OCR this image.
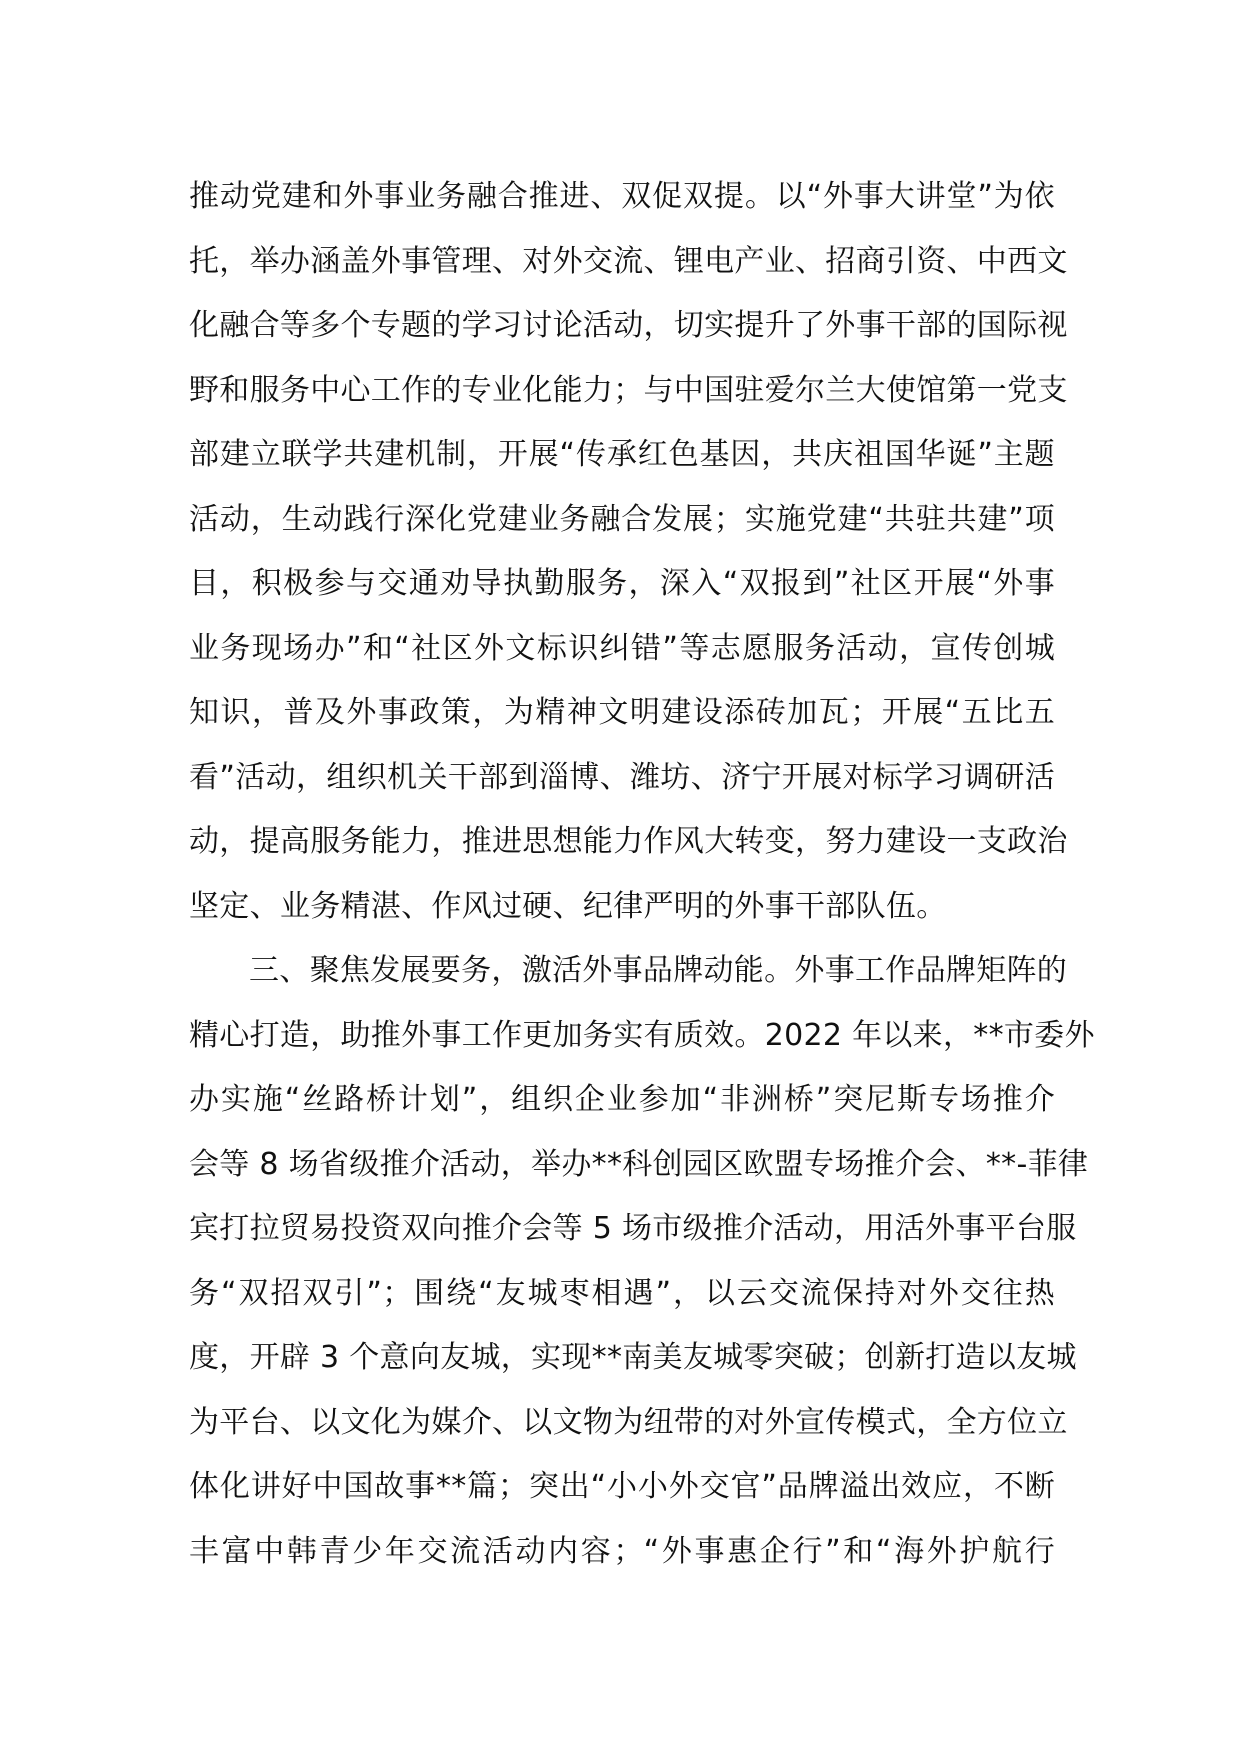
推动党建和外事业务融合推进、双促双提。以“外事大讲堂”为依
托，举办涵盖外事管理、对外交流、锂电产业、招商引资、中西文
化融合等多个专题的学习讨论活动，切实提升了外事干部的国际视
野和服务中心工作的专业化能力；与中国驻爱尔兰大使馆第一党支
部建立联学共建机制，开展“传承红色基因，共庆祖国华诞”主题
活动，生动践行深化党建业务融合发展；实施党建“共驻共建”项
目，积极参与交通劝导执勤服务，深入“双报到”社区开展“外事
业务现场办”和“社区外文标识纠错”等志愿服务活动，宣传创城
知识，普及外事政策，为精神文明建设添砖加瓦；开展“五比五
看”活动，组织机关干部到淄博、潍坊、济宁开展对标学习调研活
动，提高服务能力，推进思想能力作风大转变，努力建设一支政治
坚定、业务精湛、作风过硬、纪律严明的外事干部队伍。
三、聚焦发展要务，激活外事品牌动能。外事工作品牌矩阵的
精心打造，助推外事工作更加务实有质效。2022 年以来，**市委外
办实施“丝路桥计划”，组织企业参加“非洲桥”突尼斯专场推介
会等 8 场省级推介活动，举办**科创园区欧盟专场推介会、**-菲律
宾打拉贸易投资双向推介会等 5 场市级推介活动，用活外事平台服
务“双招双引”；围绕“友城枣相遇”，以云交流保持对外交往热
度，开辟 3 个意向友城，实现**南美友城零突破；创新打造以友城
为平台、以文化为媒介、以文物为纽带的对外宣传模式，全方位立
体化讲好中国故事**篇；突出“小小外交官”品牌溢出效应，不断
丰富中韩青少年交流活动内容；“外事惠企行”和“海外护航行
